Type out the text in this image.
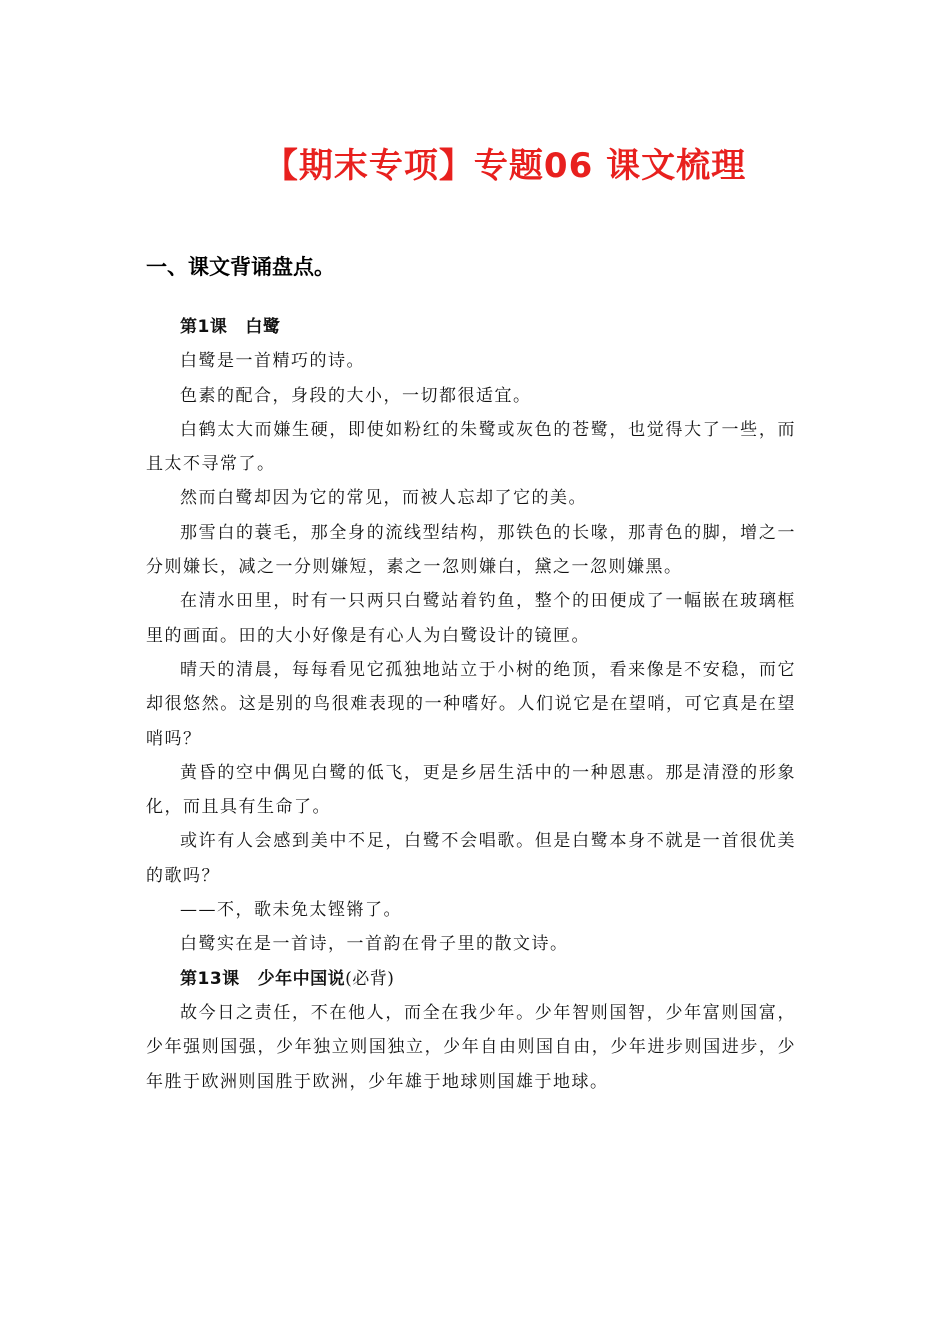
【期末专项】专题06 课文梳理
一、课文背诵盘点。

第1课 白鹭

白鹭是一首精巧的诗。

色素的配合，身段的大小，一切都很适宜。

白鹤太大而嫌生硬，即使如粉红的朱鹭或灰色的苍鹭，也觉得大了一些，而且太不寻常了。

然而白鹭却因为它的常见，而被人忘却了它的美。

那雪白的蓑毛，那全身的流线型结构，那铁色的长喙，那青色的脚，增之一分则嫌长，减之一分则嫌短，素之一忽则嫌白，黛之一忽则嫌黑。

在清水田里，时有一只两只白鹭站着钓鱼，整个的田便成了一幅嵌在玻璃框里的画面。田的大小好像是有心人为白鹭设计的镜匣。

晴天的清晨，每每看见它孤独地站立于小树的绝顶，看来像是不安稳，而它却很悠然。这是别的鸟很难表现的一种嗜好。人们说它是在望哨，可它真是在望哨吗？

黄昏的空中偶见白鹭的低飞，更是乡居生活中的一种恩惠。那是清澄的形象化，而且具有生命了。

或许有人会感到美中不足，白鹭不会唱歌。但是白鹭本身不就是一首很优美的歌吗？

——不，歌未免太铿锵了。

白鹭实在是一首诗，一首韵在骨子里的散文诗。

第13课 少年中国说(必背)

故今日之责任，不在他人，而全在我少年。少年智则国智，少年富则国富，少年强则国强，少年独立则国独立，少年自由则国自由，少年进步则国进步，少年胜于欧洲则国胜于欧洲，少年雄于地球则国雄于地球。
